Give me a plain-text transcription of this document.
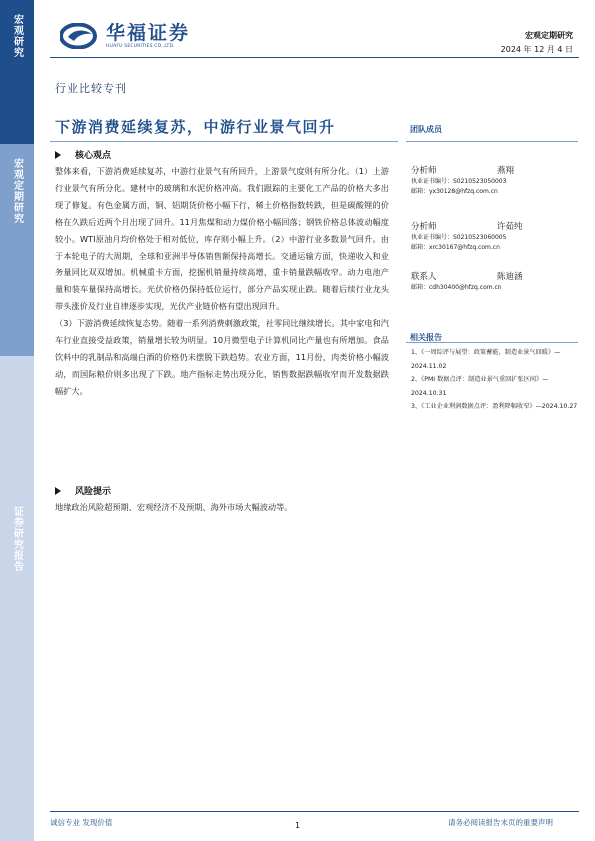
宏观研究
宏观定期研究
证券研究报告
华福证券
HUAFU SECURITIES CO.,LTD.
宏观定期研究
2024 年 12 月 4 日
行业比较专刊
下游消费延续复苏，中游行业景气回升	团队成员
核心观点

整体来看，下游消费延续复苏，中游行业景气有所回升，上游景气度则有所分化。（1）上游行业景气有所分化。建材中的玻璃和水泥价格冲高。我们跟踪的主要化工产品的价格大多出现了修复。有色金属方面，铜、铝期货价格小幅下行，稀土价格指数转跌，但是碳酸锂的价格在久跌后近两个月出现了回升。11月焦煤和动力煤价格小幅回落；钢铁价格总体波动幅度较小。WTI原油月均价格处于相对低位，库存则小幅上升。（2）中游行业多数景气回升。由于本轮电子的大周期，全球和亚洲半导体销售额保持高增长。交通运输方面，快递收入和业务量同比双双增加。机械重卡方面，挖掘机销量持续高增，重卡销量跌幅收窄。动力电池产量和装车量保持高增长。光伏价格仍保持低位运行，部分产品实现止跌。随着后续行业龙头带头涨价及行业自律逐步实现，光伏产业链价格有望出现回升。

（3）下游消费延续恢复态势。随着一系列消费刺激政策，社零同比继续增长。其中家电和汽车行业直接受益政策，销量增长较为明显。10月微型电子计算机同比产量也有所增加。食品饮料中的乳制品和高端白酒的价格仍未摆脱下跌趋势。农业方面，11月份，肉类价格小幅波动，而国际粮价则多出现了下跌。地产指标走势出现分化，销售数据跌幅收窄而开发数据跌幅扩大。

风险提示
地缘政治风险超预期、宏观经济不及预期、海外市场大幅波动等。
分析师	燕翔
执业证书编号：S0210523050003
邮箱：yx30128@hfzq.com.cn
分析师	许茹纯
执业证书编号：S0210523060005
邮箱：xrc30167@hfzq.com.cn
联系人	陈迪涵
邮箱：cdh30400@hfzq.com.cn
相关报告
1、《一周综评与展望：政策蓄能，制造业景气回暖》—2024.11.02
2、《PMI 数据点评：制造业景气重回扩张区间》—2024.10.31
3、《工业企业利润数据点评：盈利降幅收窄》—2024.10.27
诚信专业 发现价值	1	请务必阅读报告末页的重要声明
